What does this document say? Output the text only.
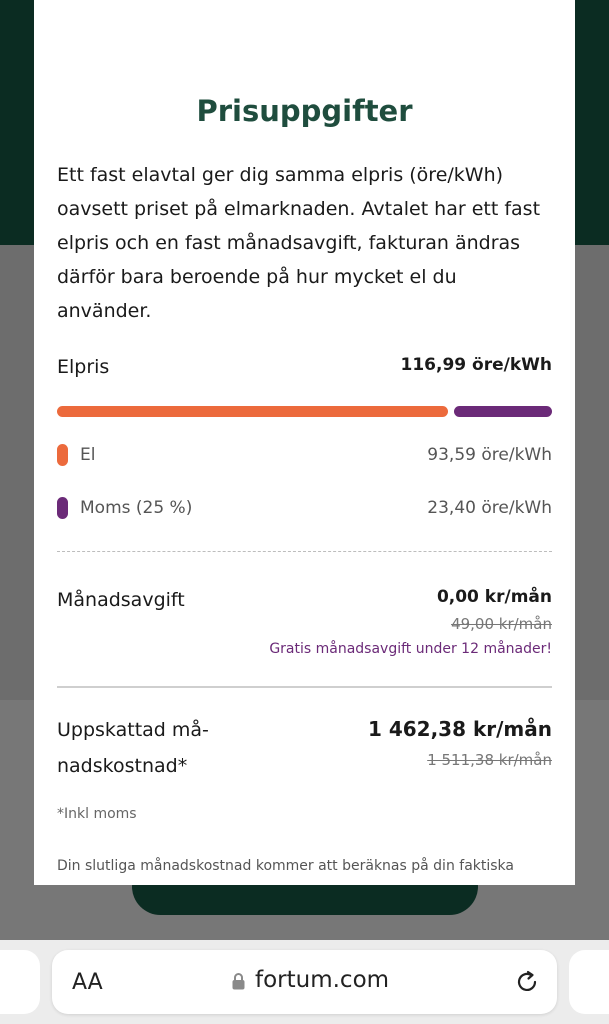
Prisuppgifter

Ett fast elavtal ger dig samma elpris (öre/kWh) oavsett priset på elmarknaden. Avtalet har ett fast elpris och en fast månadsavgift, fakturan ändras därför bara beroende på hur mycket el du använder.

Elpris	116,99 öre/kWh
El	93,59 öre/kWh
Moms (25 %)	23,40 öre/kWh
Månadsavgift	0,00 kr/mån
49,00 kr/mån
Gratis månadsavgift under 12 månader!
Uppskattad må- nadskostnad*
1 462,38 kr/mån
1 511,38 kr/mån
*Inkl moms
Din slutliga månadskostnad kommer att beräknas på din faktiska
AA	fortum.com
